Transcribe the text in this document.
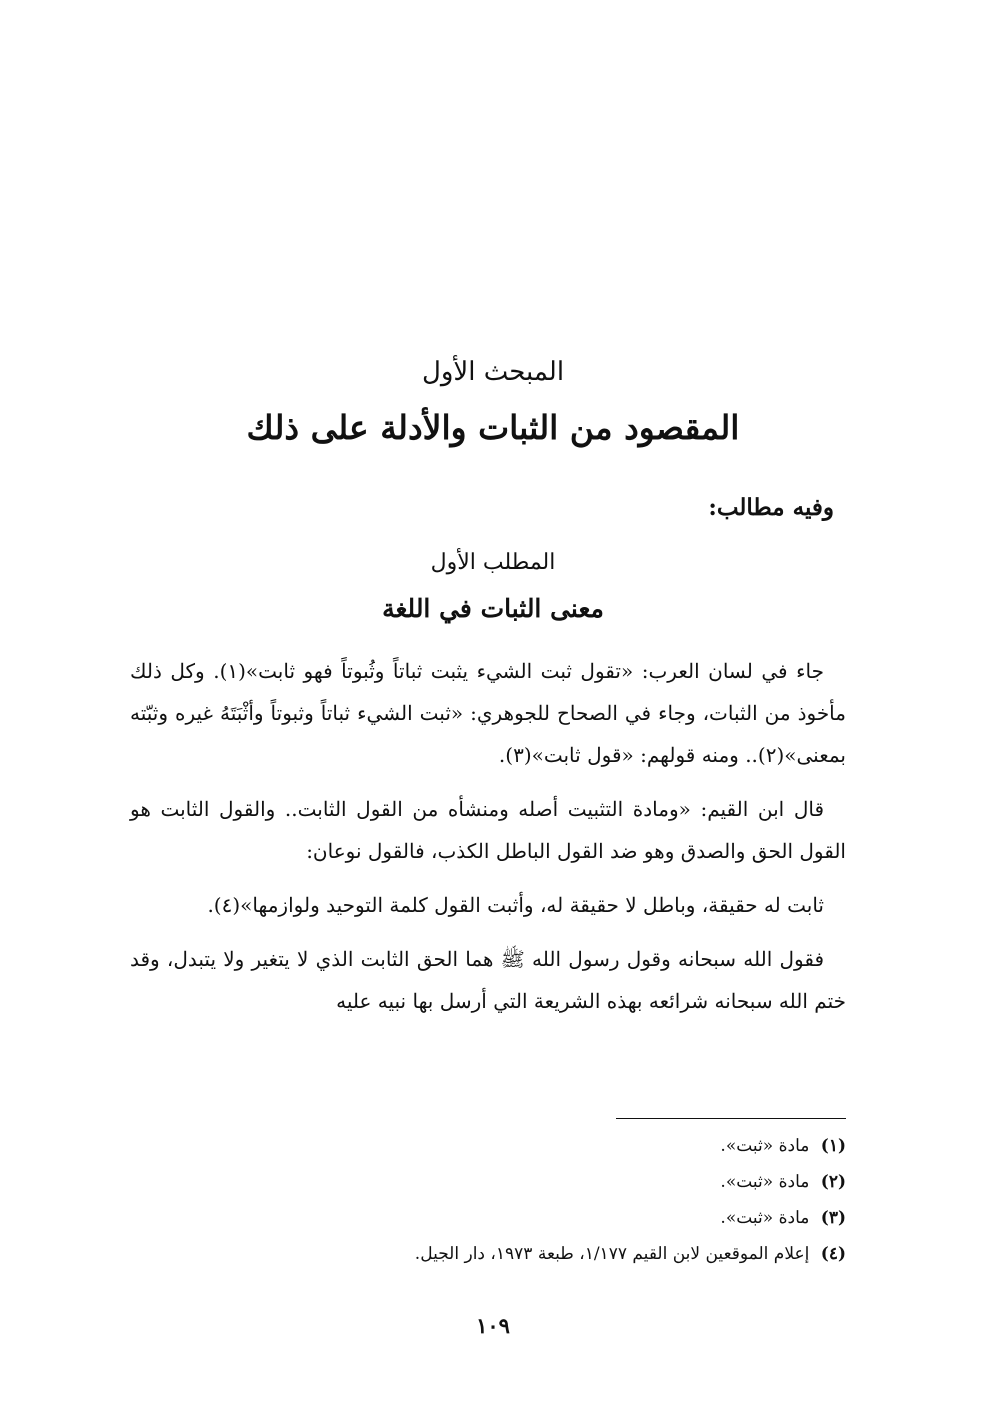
المبحث الأول
المقصود من الثبات والأدلة على ذلك
وفيه مطالب:
المطلب الأول
معنى الثبات في اللغة

جاء في لسان العرب: «تقول ثبت الشيء يثبت ثباتاً وثُبوتاً فهو ثابت»(١). وكل ذلك مأخوذ من الثبات، وجاء في الصحاح للجوهري: «ثبت الشيء ثباتاً وثبوتاً وأثْبَتَهُ غيره وثبّته بمعنى»(٢).. ومنه قولهم: «قول ثابت»(٣).

قال ابن القيم: «ومادة التثبيت أصله ومنشأه من القول الثابت.. والقول الثابت هو القول الحق والصدق وهو ضد القول الباطل الكذب، فالقول نوعان:

ثابت له حقيقة، وباطل لا حقيقة له، وأثبت القول كلمة التوحيد ولوازمها»(٤).

فقول الله سبحانه وقول رسول الله ﷺ هما الحق الثابت الذي لا يتغير ولا يتبدل، وقد ختم الله سبحانه شرائعه بهذه الشريعة التي أرسل بها نبيه عليه

(١) مادة «ثبت».
(٢) مادة «ثبت».
(٣) مادة «ثبت».
(٤) إعلام الموقعين لابن القيم ١/١٧٧، طبعة ١٩٧٣، دار الجيل.
١٠٩
